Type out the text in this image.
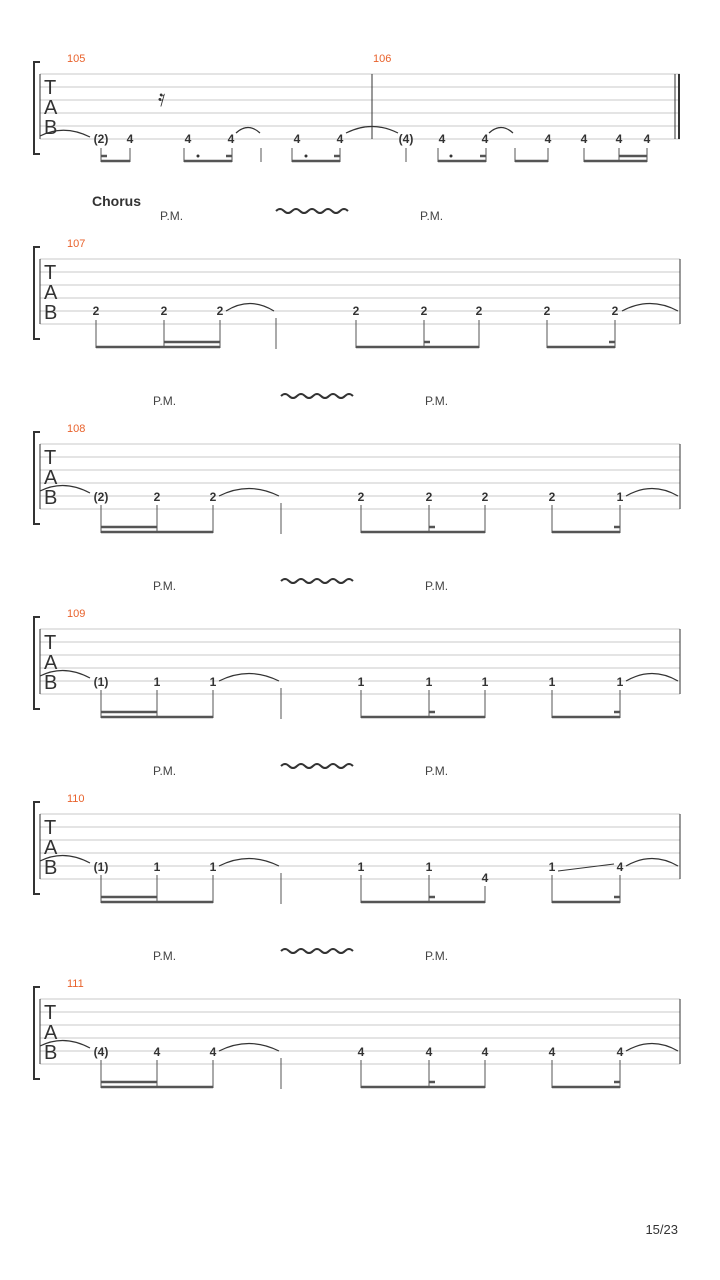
T
A
B
105	106
𝄿
(2) 4	4	4	4	4	(4) 4	4	4 4 4 4
Chorus
P.M.	P.M.
T
A
B
107
2	2	2	2	2	2	2	2
P.M.	P.M.
T
A
B
108
(2)	2	2	2	2	2	2	1
P.M.	P.M.
T
A
B
109
(1)	1	1	1	1	1	1	1
P.M.	P.M.
T
A
B
110
(1)	1	1	1	1
4
1	4
P.M.	P.M.
T
A
B
111
(4)	4	4	4	4	4	4	4
15/23
